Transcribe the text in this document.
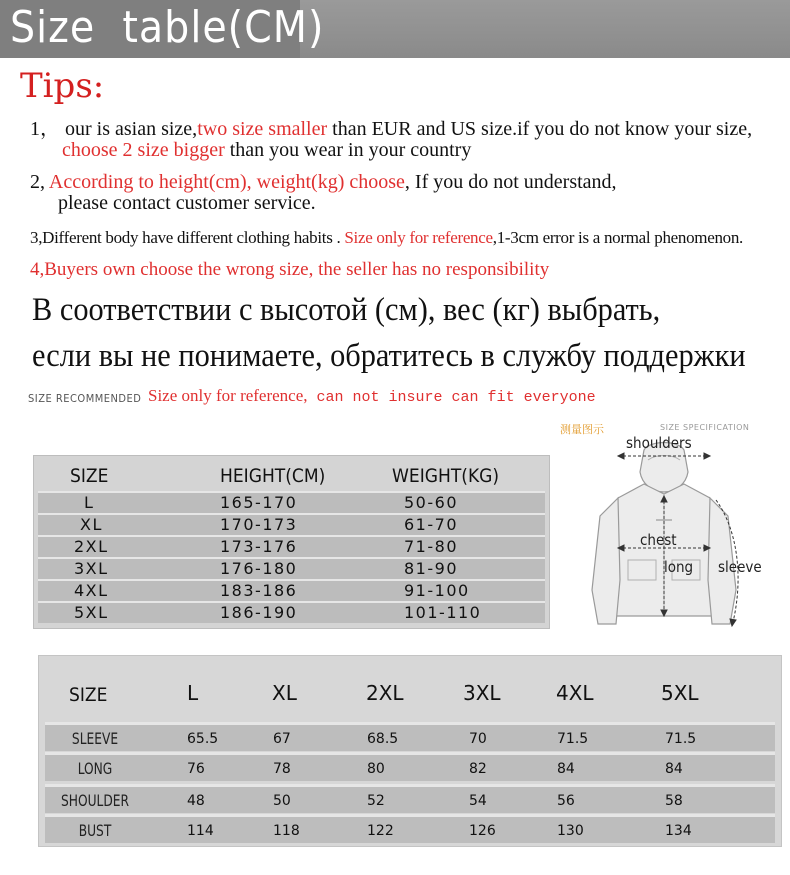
Size  table(CM)
Tips:
1， our is asian size,two size smaller than EUR and US size.if you do not know your size,
choose 2 size bigger than you wear in your country
2, According to height(cm), weight(kg) choose, If you do not understand,
please contact customer service.
3,Different body have different clothing habits . Size only for reference,1-3cm error is a normal phenomenon.
4,Buyers own choose the wrong size, the seller has no responsibility
В соответствии с высотой (см), вес (кг) выбрать,
если вы не понимаете, обратитесь в службу поддержки
SIZE RECOMMENDED Size only for reference, can not insure can fit everyone
SIZE	HEIGHT(CM)	WEIGHT(KG)
L	165-170	50-60
XL	170-173	61-70
2XL	173-176	71-80
3XL	176-180	81-90
4XL	183-186	91-100
5XL	186-190	101-110
测量图示	SIZE SPECIFICATION
shoulders
chest
long sleeve
SIZE	L	XL	2XL	3XL	4XL	5XL
SLEEVE	65.5	67	68.5	70	71.5	71.5
LONG	76	78	80	82	84	84
SHOULDER	48	50	52	54	56	58
BUST	114	118	122	126	130	134
